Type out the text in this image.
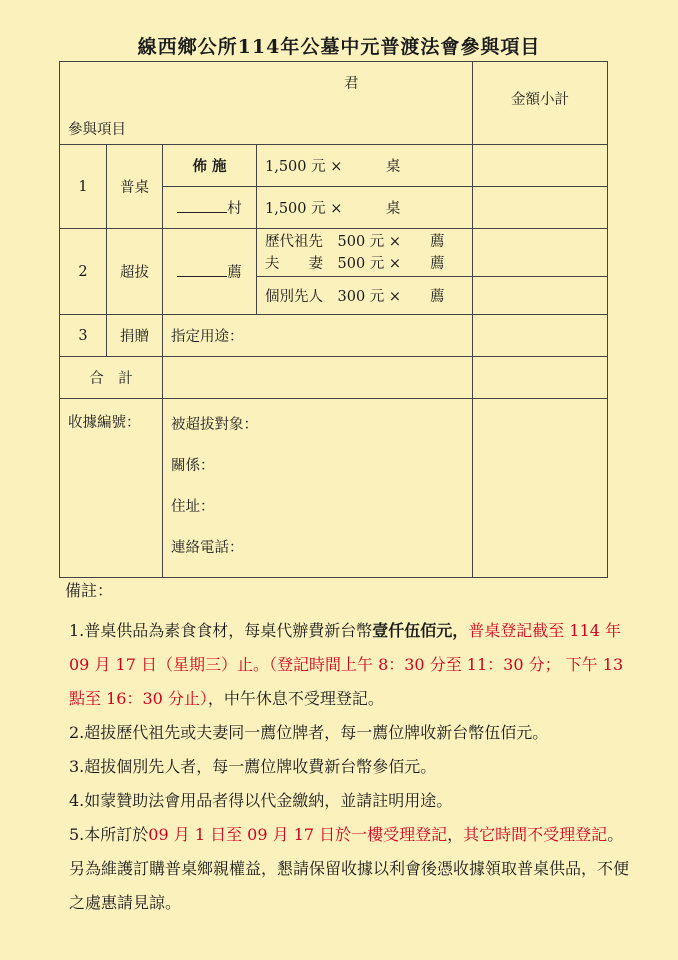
線西鄉公所114年公墓中元普渡法會參與項目
君
參與項目				金額小計
1	普桌	佈 施	1,500 元 ×　　　桌	
		村	1,500 元 ×　　　桌	
2	超拔	薦	歷代祖先　500 元 ×　　薦
夫　　妻　500 元 ×　　薦	

			個別先人　300 元 ×　　薦	
3	捐贈	指定用途：		
合　計				
收據編號：		被超拔對象：
關係：
住址：
連絡電話：		

備註：

1.普桌供品為素食食材，每桌代辦費新台幣壹仟伍佰元，普桌登記截至 114 年 09 月 17 日（星期三）止。（登記時間上午 8：30 分至 11：30 分； 下午 13 點至 16：30 分止），中午休息不受理登記。

2.超拔歷代祖先或夫妻同一薦位牌者，每一薦位牌收新台幣伍佰元。

3.超拔個別先人者，每一薦位牌收費新台幣參佰元。

4.如蒙贊助法會用品者得以代金繳納，並請註明用途。

5.本所訂於09 月 1 日至 09 月 17 日於一樓受理登記，其它時間不受理登記。另為維護訂購普桌鄉親權益，懇請保留收據以利會後憑收據領取普桌供品，不便之處惠請見諒。
